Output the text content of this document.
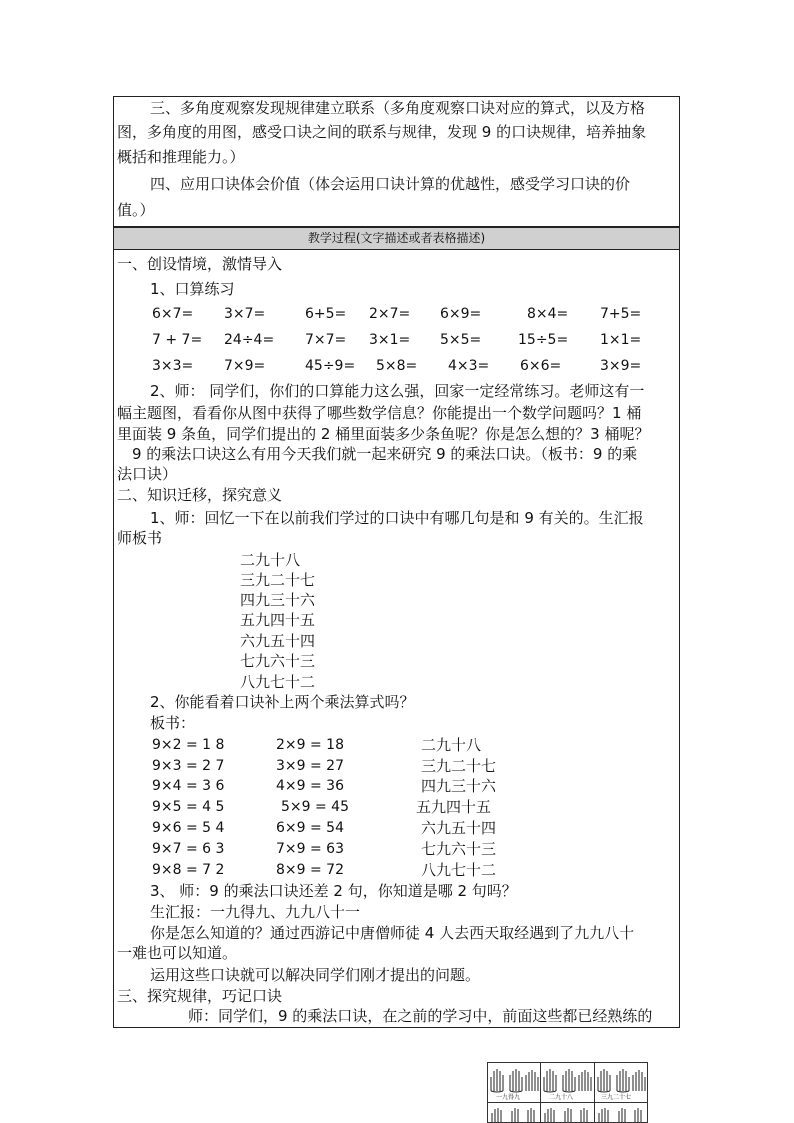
三、多角度观察发现规律建立联系（多角度观察口诀对应的算式，以及方格
图，多角度的用图，感受口诀之间的联系与规律，发现 9 的口诀规律，培养抽象
概括和推理能力。）
四、应用口诀体会价值（体会运用口诀计算的优越性，感受学习口诀的价
值。）
教学过程(文字描述或者表格描述)
一、创设情境，激情导入
1、口算练习
6×7= 3×7=	6+5= 2×7= 6×9=	8×4= 7+5=
7 + 7= 24÷4= 7×7= 3×1= 5×5=	15÷5= 1×1=
3×3= 7×9=	45÷9= 5×8= 4×3= 6×6=	3×9=
2、师： 同学们，你们的口算能力这么强，回家一定经常练习。老师这有一
幅主题图，看看你从图中获得了哪些数学信息？你能提出一个数学问题吗？1 桶
里面装 9 条鱼，同学们提出的 2 桶里面装多少条鱼呢？你是怎么想的？3 桶呢？
9 的乘法口诀这么有用今天我们就一起来研究 9 的乘法口诀。（板书：9 的乘
法口诀）
二、知识迁移，探究意义
1、师：回忆一下在以前我们学过的口诀中有哪几句是和 9 有关的。生汇报
师板书
二九十八
三九二十七
四九三十六
五九四十五
六九五十四
七九六十三
八九七十二
2、你能看着口诀补上两个乘法算式吗？
板书：
9×2 = 1 8	2×9 = 18	二九十八
9×3 = 2 7	3×9 = 27	三九二十七
9×4 = 3 6	4×9 = 36	四九三十六
9×5 = 4 5	5×9 = 45	五九四十五
9×6 = 5 4	6×9 = 54	六九五十四
9×7 = 6 3	7×9 = 63	七九六十三
9×8 = 7 2	8×9 = 72	八九七十二
3、 师：9 的乘法口诀还差 2 句，你知道是哪 2 句吗？
生汇报：一九得九、九九八十一
你是怎么知道的？通过西游记中唐僧师徒 4 人去西天取经遇到了九九八十
一难也可以知道。
运用这些口诀就可以解决同学们刚才提出的问题。
三、探究规律，巧记口诀
师：同学们，9 的乘法口诀，在之前的学习中，前面这些都已经熟练的
一九得九	二九十八	三九二十七
